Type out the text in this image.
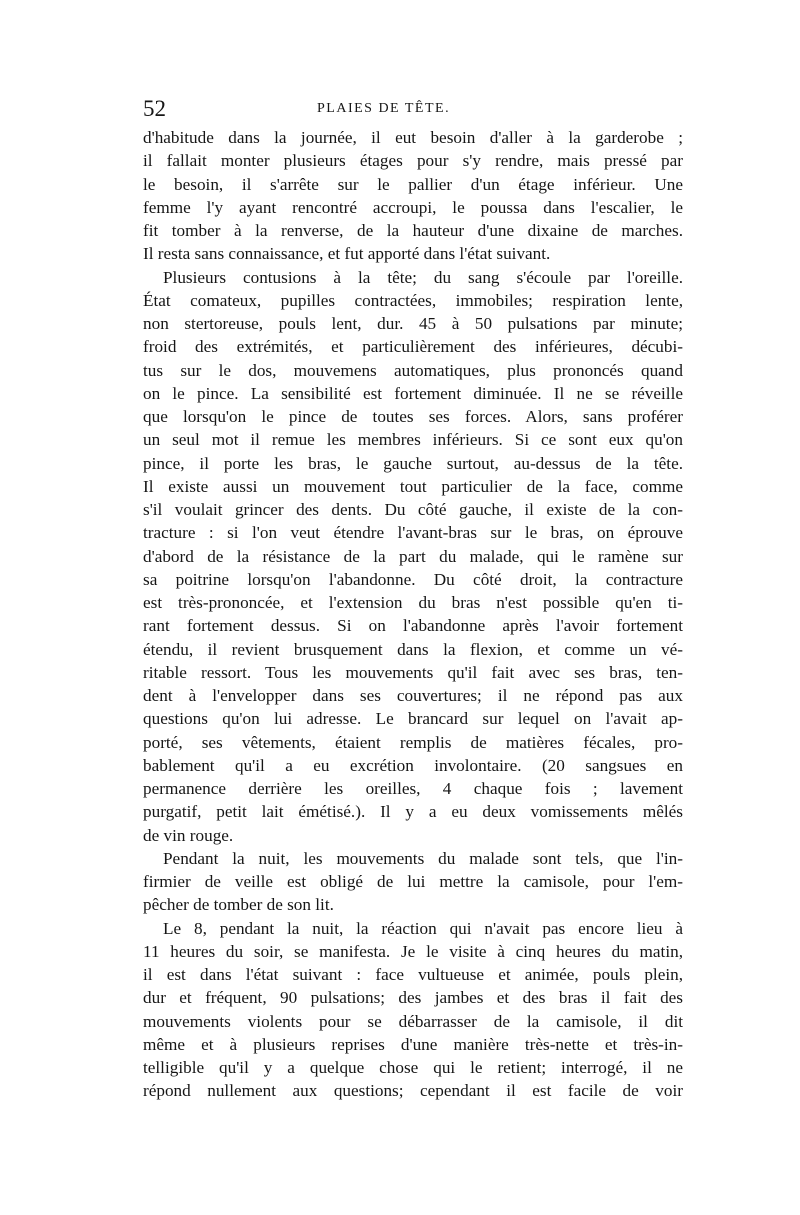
52	PLAIES DE TÊTE.
d'habitude dans la journée, il eut besoin d'aller à la garderobe ;
il fallait monter plusieurs étages pour s'y rendre, mais pressé par
le besoin, il s'arrête sur le pallier d'un étage inférieur. Une
femme l'y ayant rencontré accroupi, le poussa dans l'escalier, le
fit tomber à la renverse, de la hauteur d'une dixaine de marches.
Il resta sans connaissance, et fut apporté dans l'état suivant.
Plusieurs contusions à la tête; du sang s'écoule par l'oreille.
État comateux, pupilles contractées, immobiles; respiration lente,
non stertoreuse, pouls lent, dur. 45 à 50 pulsations par minute;
froid des extrémités, et particulièrement des inférieures, décubi-
tus sur le dos, mouvemens automatiques, plus prononcés quand
on le pince. La sensibilité est fortement diminuée. Il ne se réveille
que lorsqu'on le pince de toutes ses forces. Alors, sans proférer
un seul mot il remue les membres inférieurs. Si ce sont eux qu'on
pince, il porte les bras, le gauche surtout, au-dessus de la tête.
Il existe aussi un mouvement tout particulier de la face, comme
s'il voulait grincer des dents. Du côté gauche, il existe de la con-
tracture : si l'on veut étendre l'avant-bras sur le bras, on éprouve
d'abord de la résistance de la part du malade, qui le ramène sur
sa poitrine lorsqu'on l'abandonne. Du côté droit, la contracture
est très-prononcée, et l'extension du bras n'est possible qu'en ti-
rant fortement dessus. Si on l'abandonne après l'avoir fortement
étendu, il revient brusquement dans la flexion, et comme un vé-
ritable ressort. Tous les mouvements qu'il fait avec ses bras, ten-
dent à l'envelopper dans ses couvertures; il ne répond pas aux
questions qu'on lui adresse. Le brancard sur lequel on l'avait ap-
porté, ses vêtements, étaient remplis de matières fécales, pro-
bablement qu'il a eu excrétion involontaire. (20 sangsues en
permanence derrière les oreilles, 4 chaque fois ; lavement
purgatif, petit lait émétisé.). Il y a eu deux vomissements mêlés
de vin rouge.
Pendant la nuit, les mouvements du malade sont tels, que l'in-
firmier de veille est obligé de lui mettre la camisole, pour l'em-
pêcher de tomber de son lit.
Le 8, pendant la nuit, la réaction qui n'avait pas encore lieu à
11 heures du soir, se manifesta. Je le visite à cinq heures du matin,
il est dans l'état suivant : face vultueuse et animée, pouls plein,
dur et fréquent, 90 pulsations; des jambes et des bras il fait des
mouvements violents pour se débarrasser de la camisole, il dit
même et à plusieurs reprises d'une manière très-nette et très-in-
telligible qu'il y a quelque chose qui le retient; interrogé, il ne
répond nullement aux questions; cependant il est facile de voir
